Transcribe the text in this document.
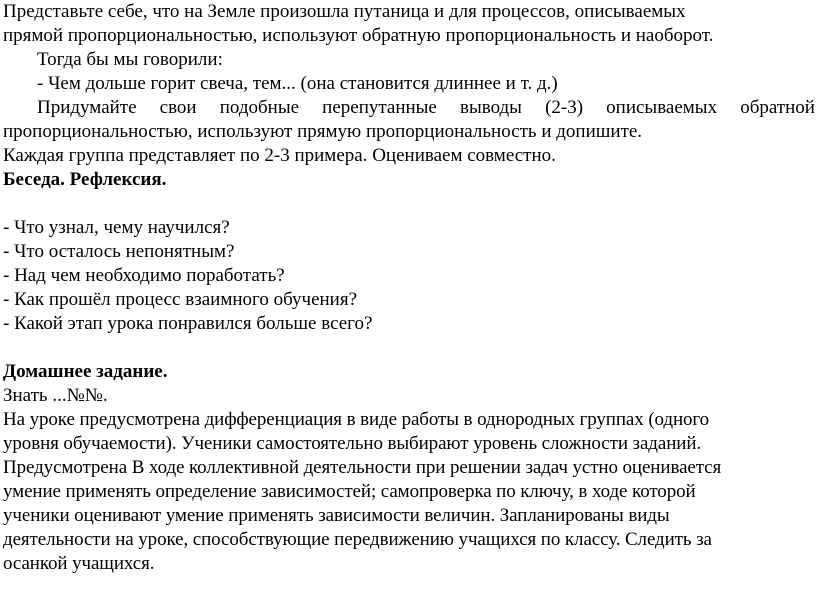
Представьте себе, что на Земле произошла путаница и для процессов, описываемых
прямой пропорциональностью, используют обратную пропорциональность и наоборот.
Тогда бы мы говорили:
- Чем дольше горит свеча, тем... (она становится длиннее и т. д.)
Придумайте свои подобные перепутанные выводы (2-3) описываемых обратной
пропорциональностью, используют прямую пропорциональность и допишите.
Каждая группа представляет по 2-3 примера. Оцениваем совместно.
Беседа. Рефлексия.
- Что узнал, чему научился?
- Что осталось непонятным?
- Над чем необходимо поработать?
- Как прошёл процесс взаимного обучения?
- Какой этап урока понравился больше всего?
Домашнее задание.
Знать ...№№.
На уроке предусмотрена дифференциация в виде работы в однородных группах (одного
уровня обучаемости). Ученики самостоятельно выбирают уровень сложности заданий.
Предусмотрена В ходе коллективной деятельности при решении задач устно оценивается
умение применять определение зависимостей; самопроверка по ключу, в ходе которой
ученики оценивают умение применять зависимости величин. Запланированы виды
деятельности на уроке, способствующие передвижению учащихся по классу. Следить за
осанкой учащихся.
